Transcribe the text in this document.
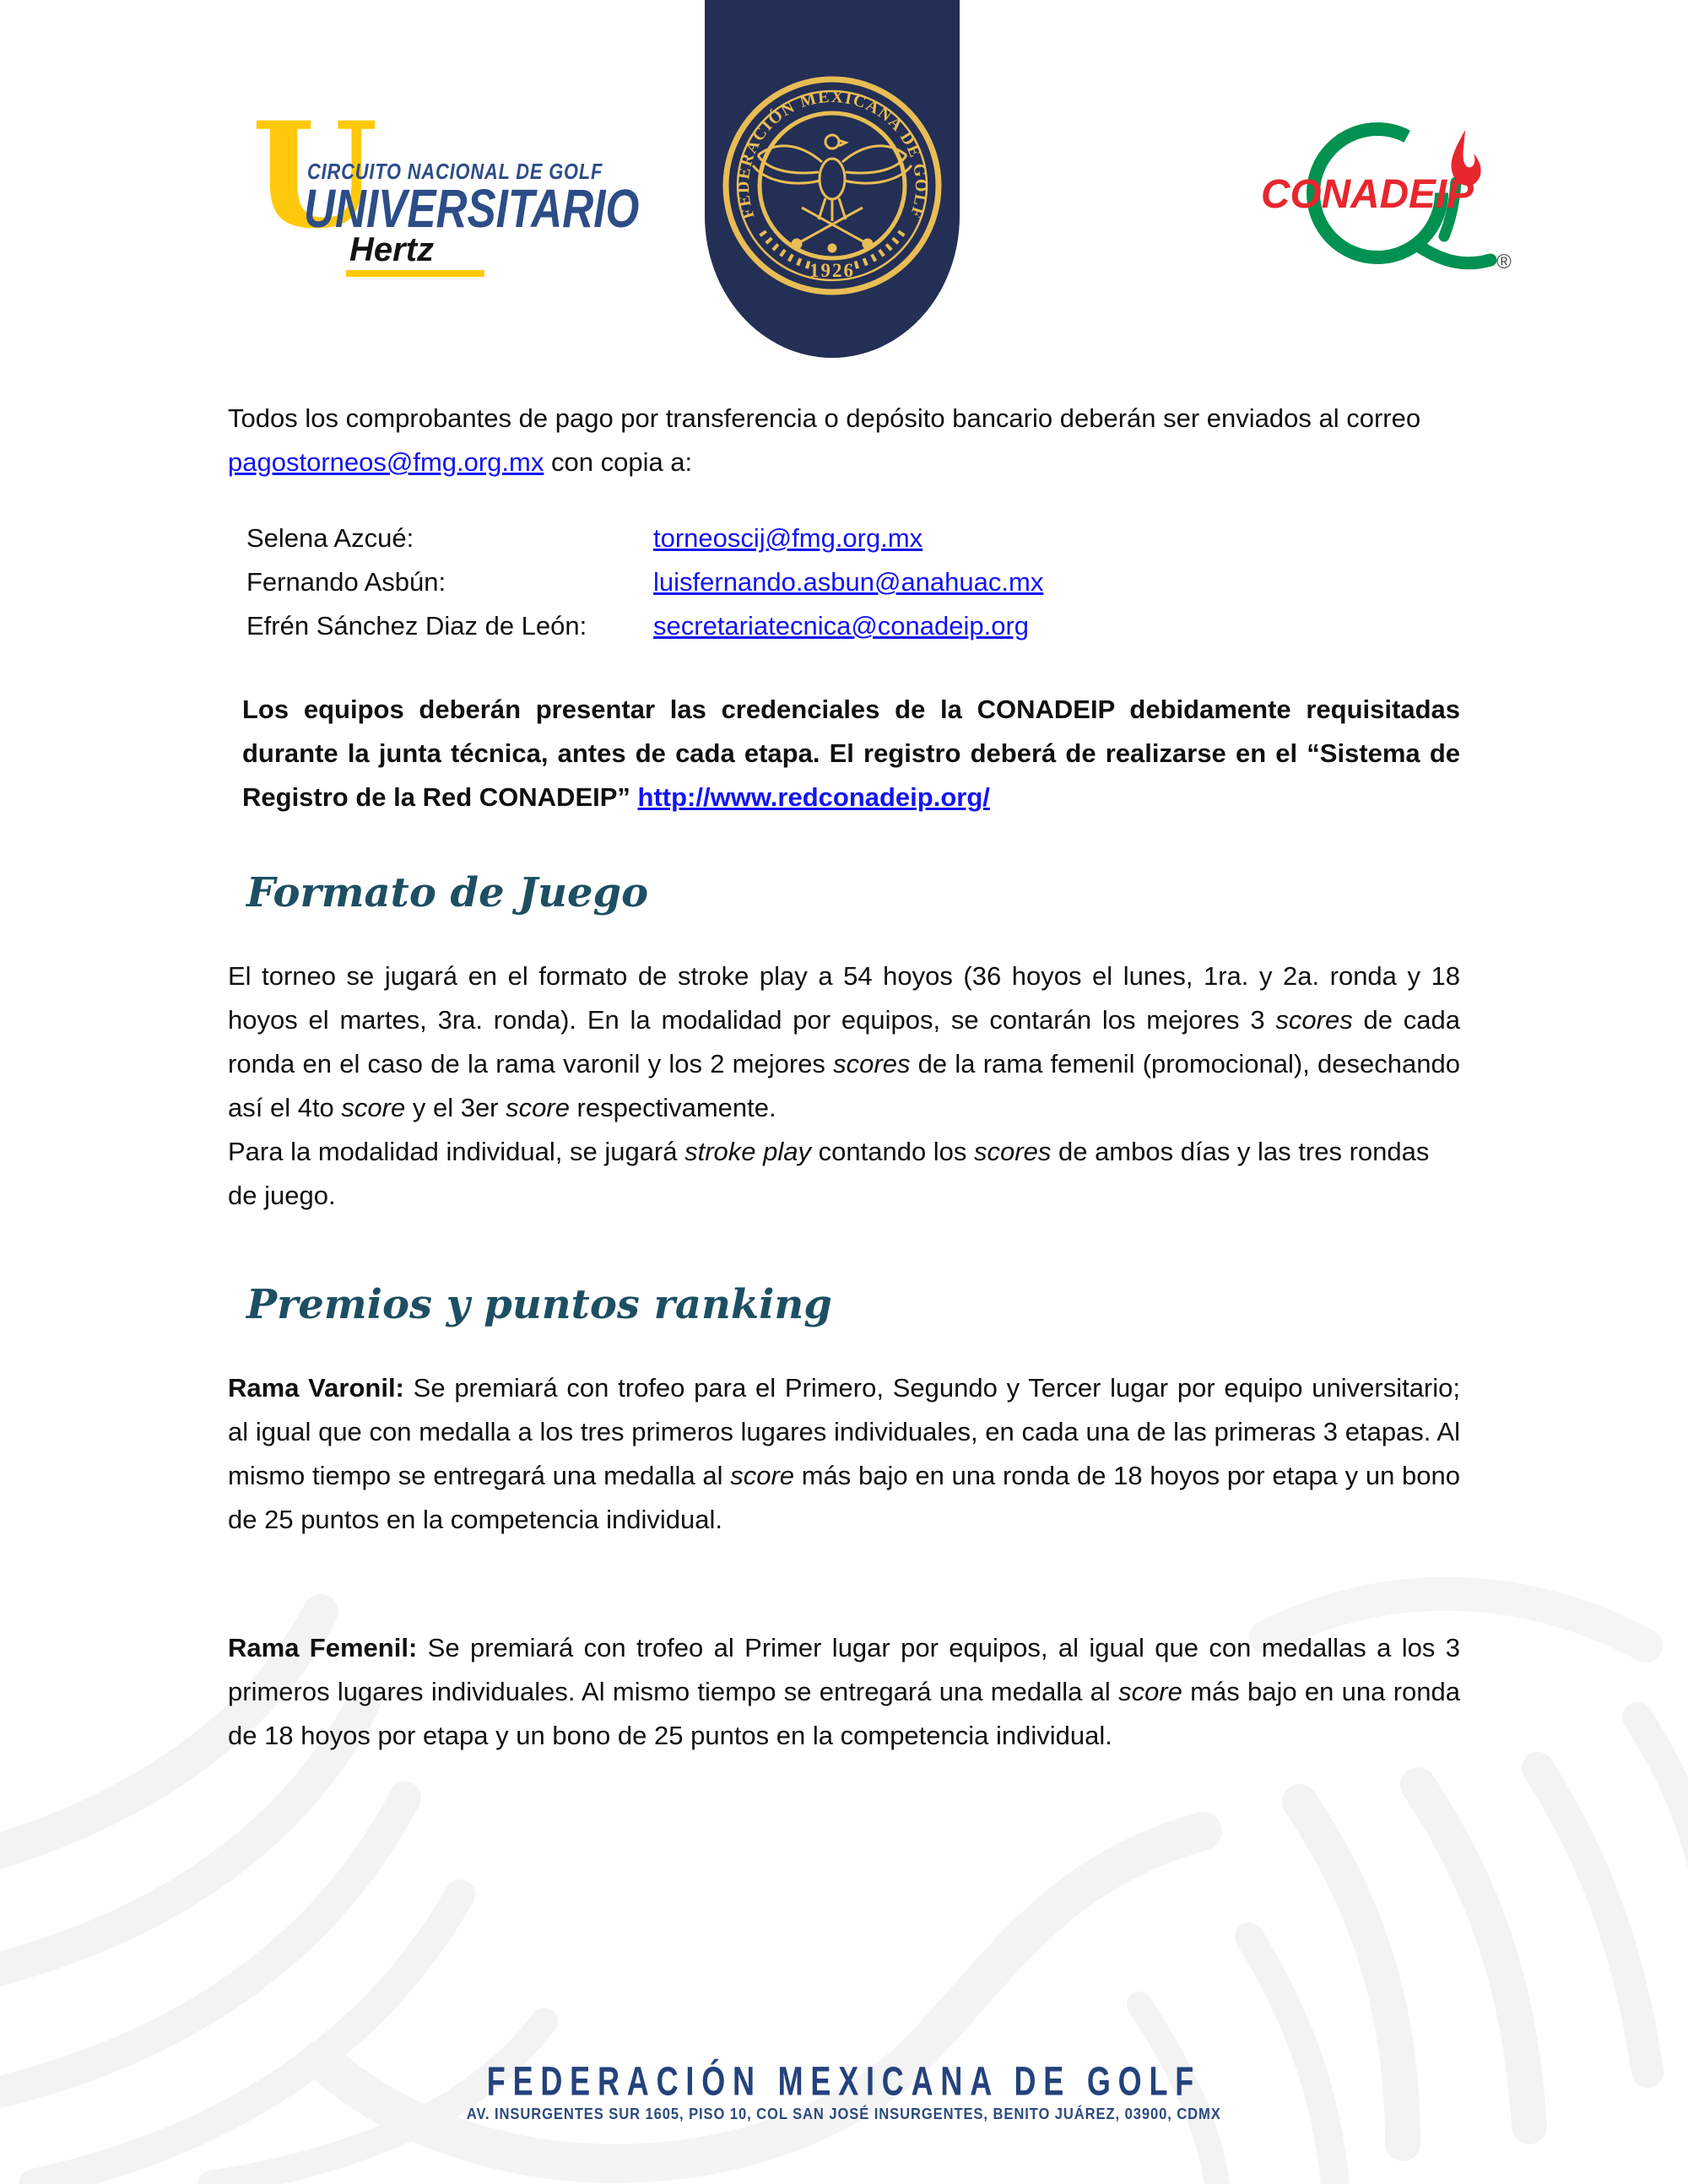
U
CIRCUITO NACIONAL DE GOLF
UNIVERSITARIO
Hertz
FEDERACIÓN MEXICANA DE GOLF
1926
CONADEIP
®

Todos los comprobantes de pago por transferencia o depósito bancario deberán ser enviados al correo pagostorneos@fmg.org.mx con copia a:

Selena Azcué:	torneoscij@fmg.org.mx
Fernando Asbún:	luisfernando.asbun@anahuac.mx
Efrén Sánchez Diaz de León:	secretariatecnica@conadeip.org

Los equipos deberán presentar las credenciales de la CONADEIP debidamente requisitadas durante la junta técnica, antes de cada etapa. El registro deberá de realizarse en el “Sistema de Registro de la Red CONADEIP” http://www.redconadeip.org/

Formato de Juego

El torneo se jugará en el formato de stroke play a 54 hoyos (36 hoyos el lunes, 1ra. y 2a. ronda y 18 hoyos el martes, 3ra. ronda). En la modalidad por equipos, se contarán los mejores 3 scores de cada ronda en el caso de la rama varonil y los 2 mejores scores de la rama femenil (promocional), desechando así el 4to score y el 3er score respectivamente.

Para la modalidad individual, se jugará stroke play contando los scores de ambos días y las tres rondas de juego.

Premios y puntos ranking

Rama Varonil: Se premiará con trofeo para el Primero, Segundo y Tercer lugar por equipo universitario; al igual que con medalla a los tres primeros lugares individuales, en cada una de las primeras 3 etapas. Al mismo tiempo se entregará una medalla al score más bajo en una ronda de 18 hoyos por etapa y un bono de 25 puntos en la competencia individual.

Rama Femenil: Se premiará con trofeo al Primer lugar por equipos, al igual que con medallas a los 3 primeros lugares individuales. Al mismo tiempo se entregará una medalla al score más bajo en una ronda de 18 hoyos por etapa y un bono de 25 puntos en la competencia individual.

FEDERACIÓN MEXICANA DE GOLF
AV. INSURGENTES SUR 1605, PISO 10, COL SAN JOSÉ INSURGENTES, BENITO JUÁREZ, 03900, CDMX
